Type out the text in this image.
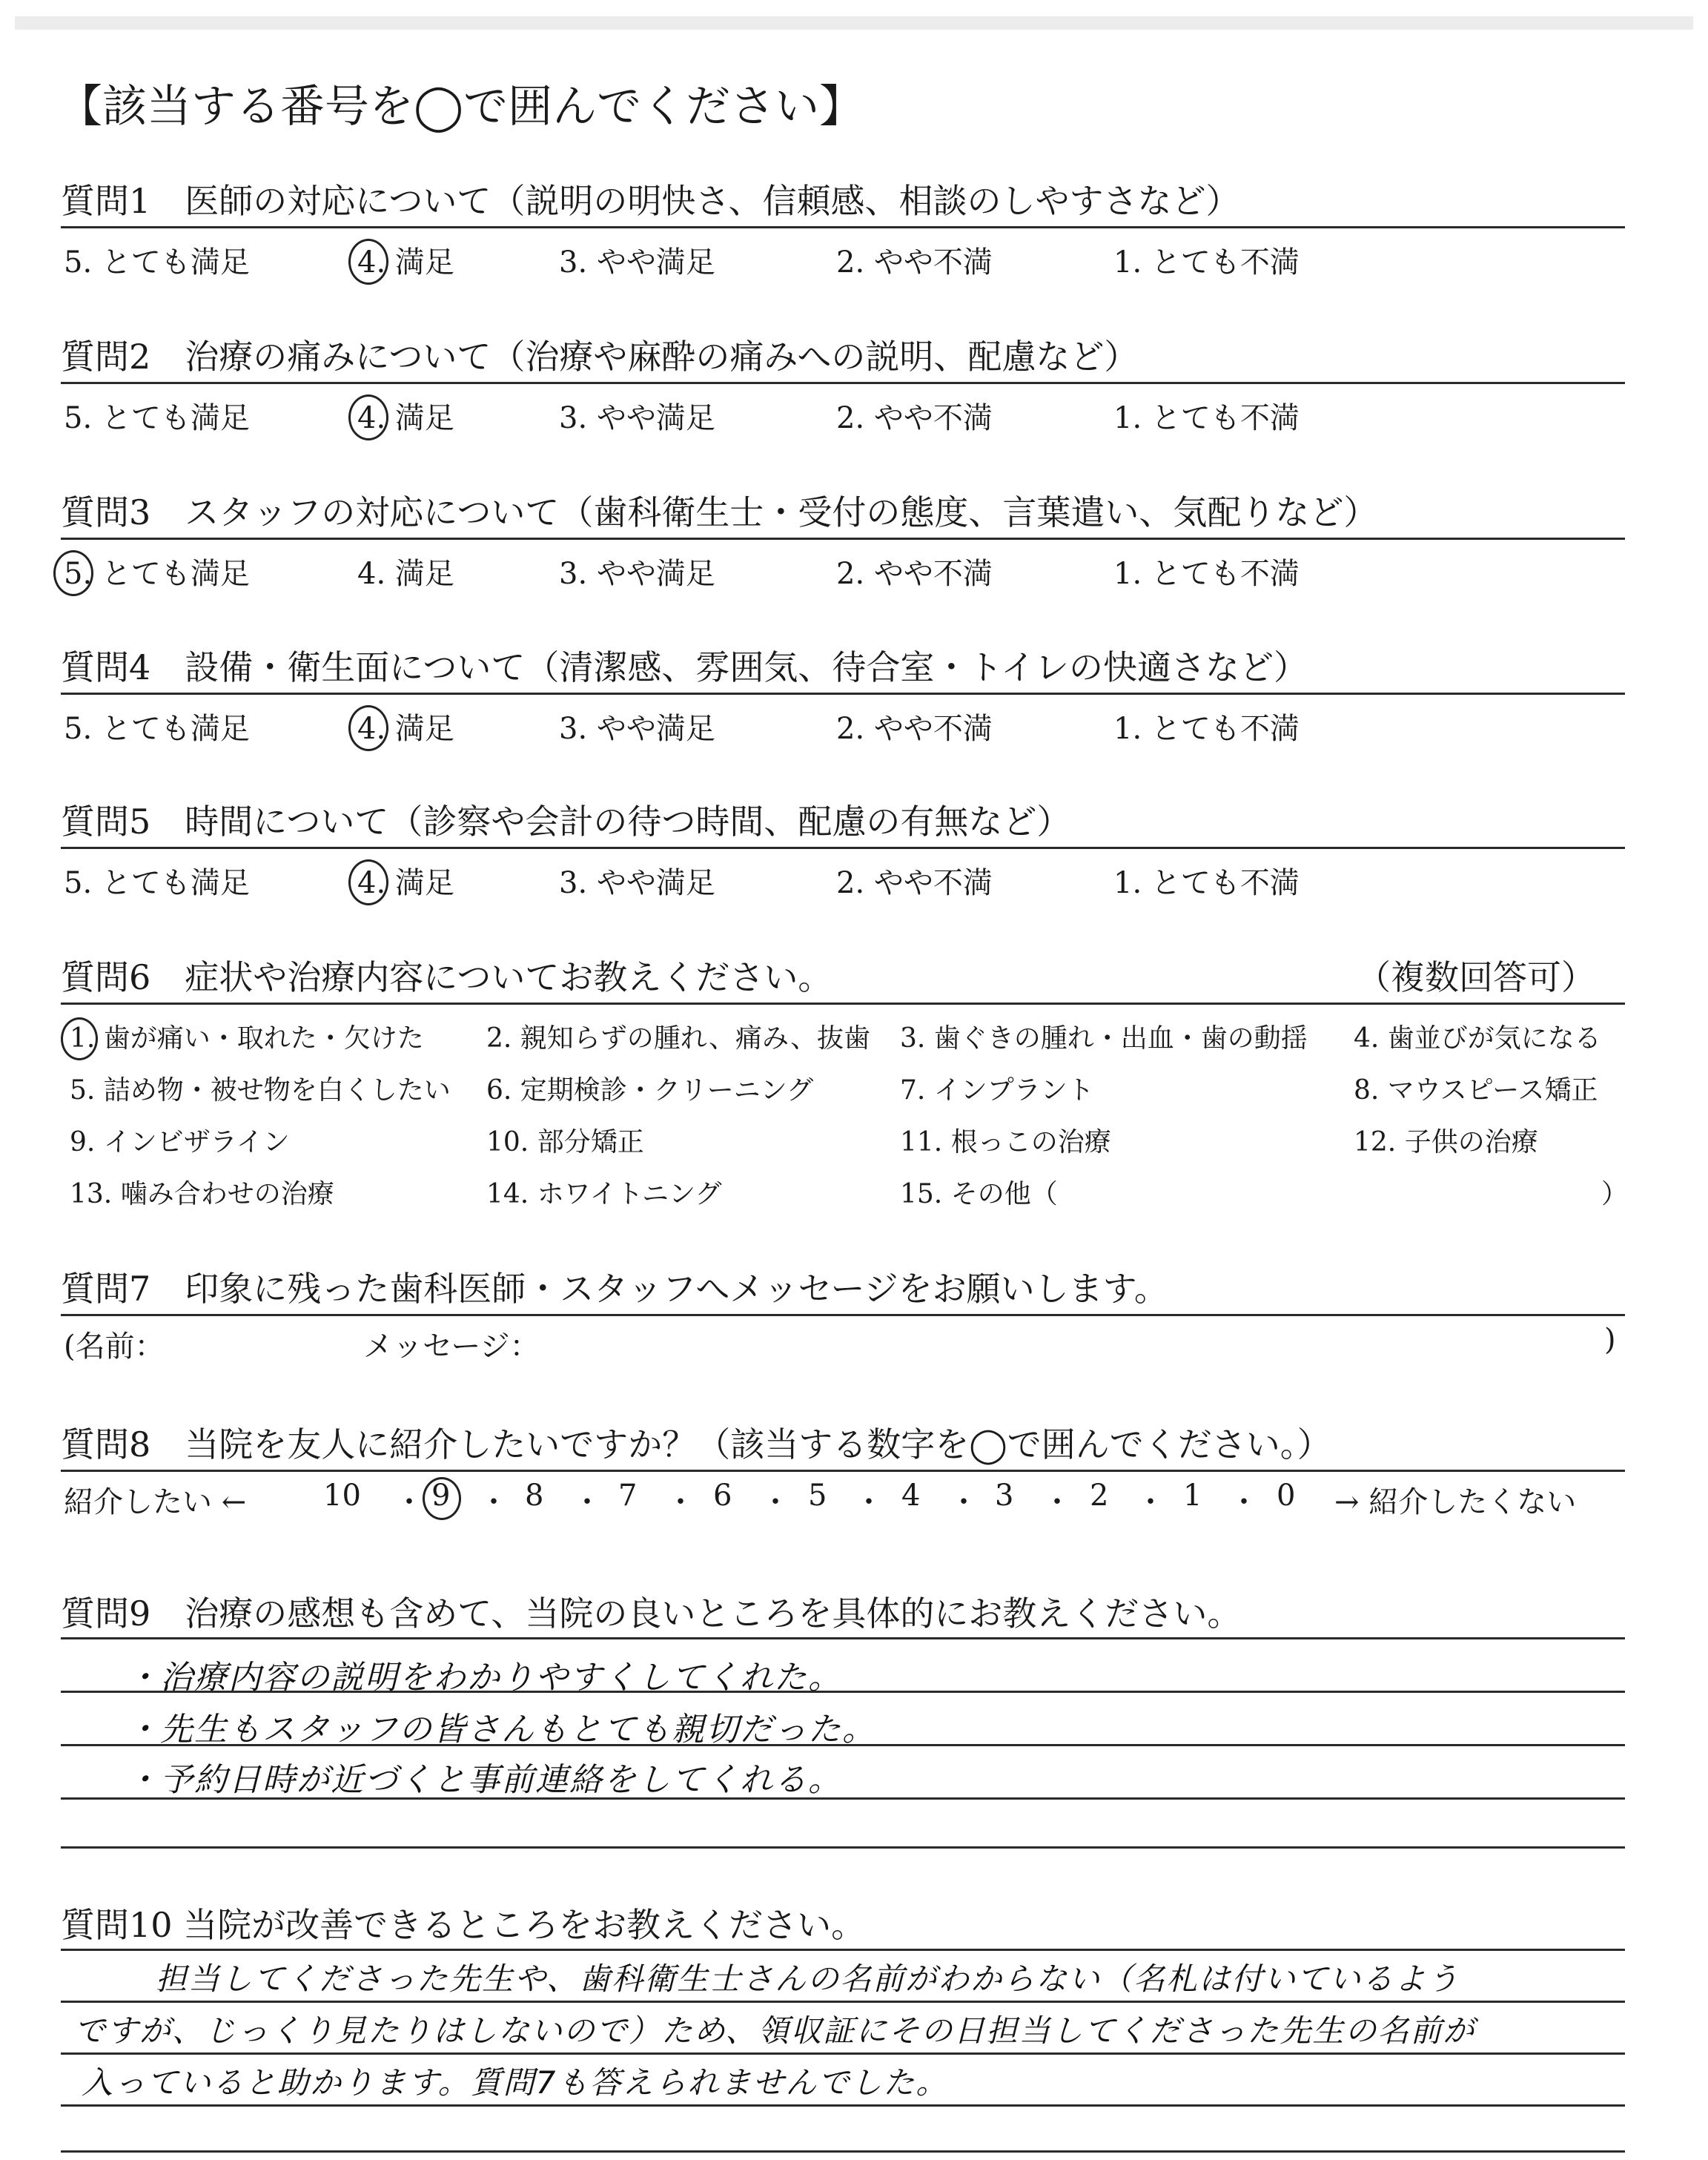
【該当する番号を◯で囲んでください】
質問1　医師の対応について（説明の明快さ、信頼感、相談のしやすさなど）
5. とても満足	4. 満足	3. やや満足	2. やや不満	1. とても不満
質問2　治療の痛みについて（治療や麻酔の痛みへの説明、配慮など）
5. とても満足	4. 満足	3. やや満足	2. やや不満	1. とても不満
質問3　スタッフの対応について（歯科衛生士・受付の態度、言葉遣い、気配りなど）
5. とても満足	4. 満足	3. やや満足	2. やや不満	1. とても不満
質問4　設備・衛生面について（清潔感、雰囲気、待合室・トイレの快適さなど）
5. とても満足	4. 満足	3. やや満足	2. やや不満	1. とても不満
質問5　時間について（診察や会計の待つ時間、配慮の有無など）
5. とても満足	4. 満足	3. やや満足	2. やや不満	1. とても不満
質問6　症状や治療内容についてお教えください。	（複数回答可）
1. 歯が痛い・取れた・欠けた 2. 親知らずの腫れ、痛み、抜歯 3. 歯ぐきの腫れ・出血・歯の動揺 4. 歯並びが気になる
5. 詰め物・被せ物を白くしたい 6. 定期検診・クリーニング	7. インプラント	8. マウスピース矯正
9. インビザライン	10. 部分矯正	11. 根っこの治療	12. 子供の治療
13. 噛み合わせの治療	14. ホワイトニング	15. その他（	）
質問7　印象に残った歯科医師・スタッフへメッセージをお願いします。
(名前：	メッセージ：	)
質問8　当院を友人に紹介したいですか？（該当する数字を◯で囲んでください。）
紹介したい ←	10 ・ 9 ・ 8 ・ 7 ・ 6 ・ 5 ・ 4 ・ 3 ・ 2 ・ 1 ・ 0 → 紹介したくない
質問9　治療の感想も含めて、当院の良いところを具体的にお教えください。
・治療内容の説明をわかりやすくしてくれた。
・先生もスタッフの皆さんもとても親切だった。
・予約日時が近づくと事前連絡をしてくれる。
質問10 当院が改善できるところをお教えください。
担当してくださった先生や、歯科衛生士さんの名前がわからない（名札は付いているよう
ですが、じっくり見たりはしないので）ため、領収証にその日担当してくださった先生の名前が
入っていると助かります。質問7も答えられませんでした。
